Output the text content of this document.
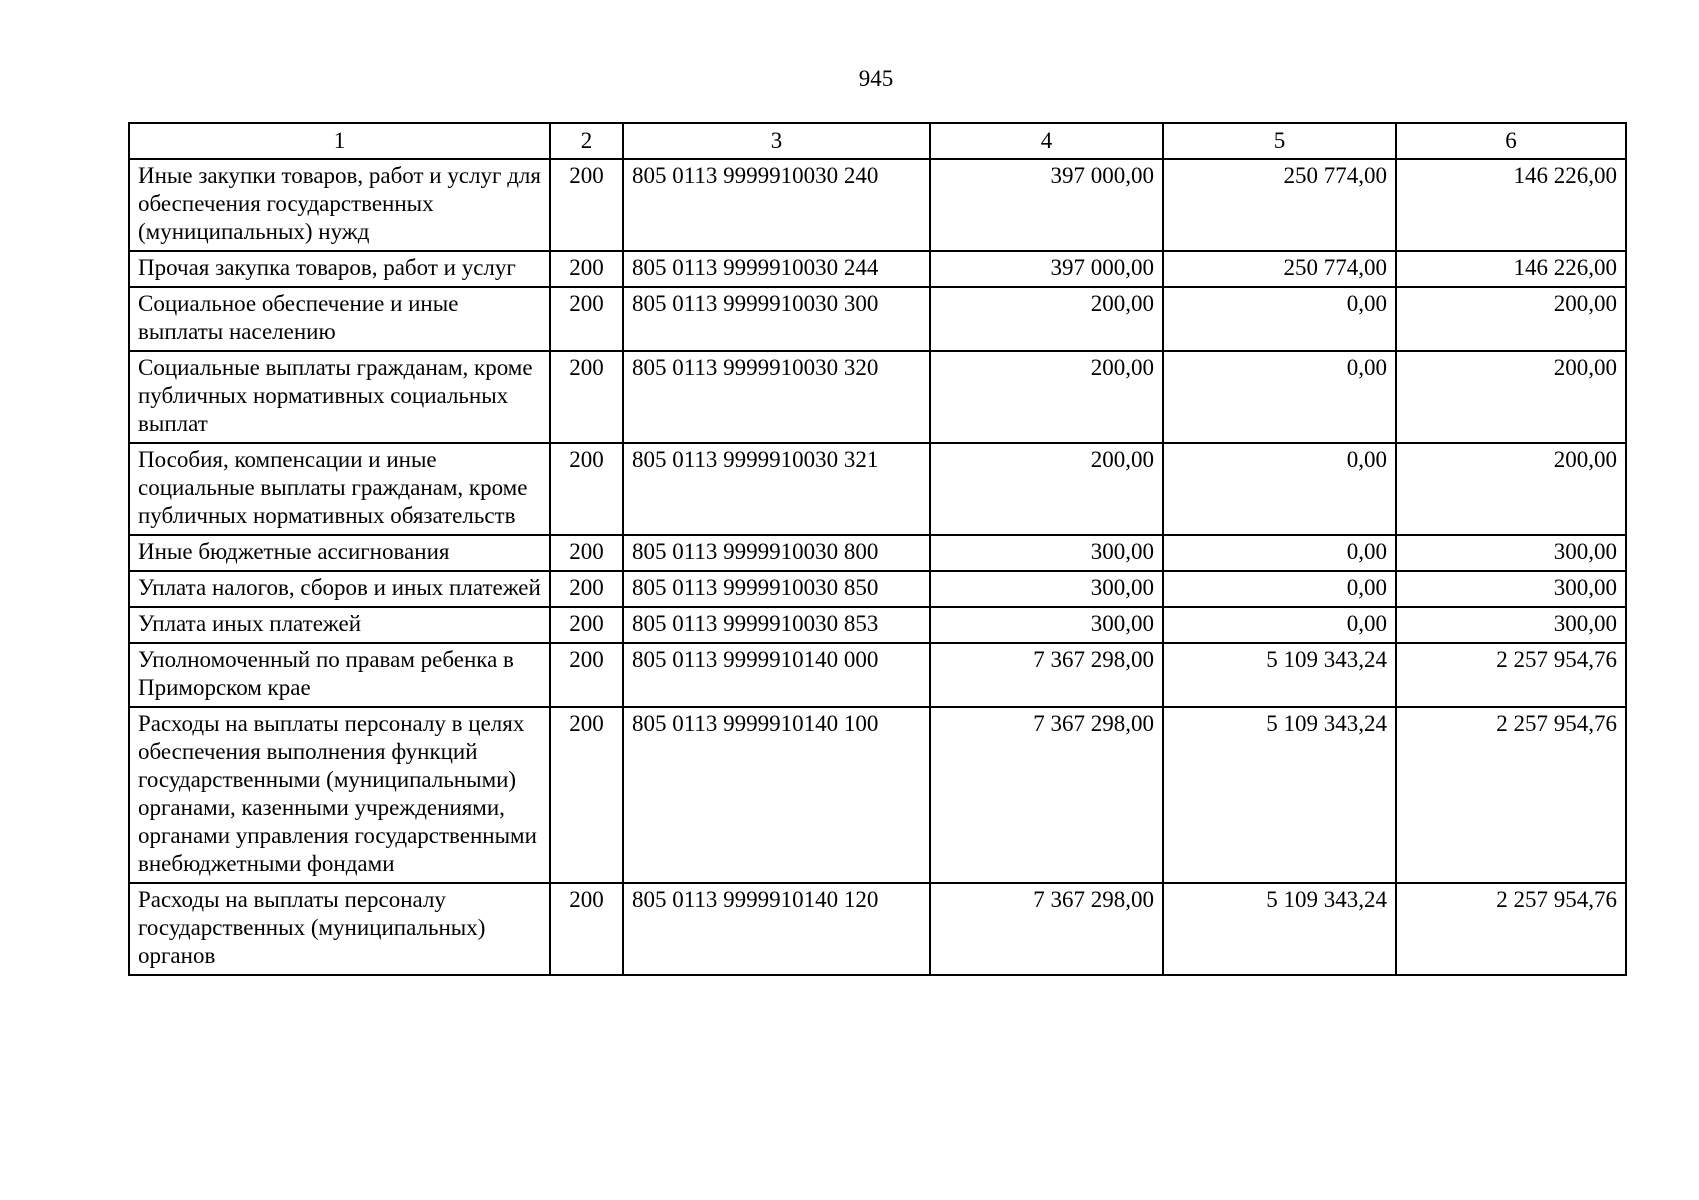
945
1	2	3	4	5	6
Иные закупки товаров, работ и услуг для обеспечения государственных (муниципальных) нужд	200	805 0113 9999910030 240	397 000,00	250 774,00	146 226,00
Прочая закупка товаров, работ и услуг	200	805 0113 9999910030 244	397 000,00	250 774,00	146 226,00
Социальное обеспечение и иные выплаты населению	200	805 0113 9999910030 300	200,00	0,00	200,00
Социальные выплаты гражданам, кроме публичных нормативных социальных выплат	200	805 0113 9999910030 320	200,00	0,00	200,00
Пособия, компенсации и иные социальные выплаты гражданам, кроме публичных нормативных обязательств	200	805 0113 9999910030 321	200,00	0,00	200,00
Иные бюджетные ассигнования	200	805 0113 9999910030 800	300,00	0,00	300,00
Уплата налогов, сборов и иных платежей	200	805 0113 9999910030 850	300,00	0,00	300,00
Уплата иных платежей	200	805 0113 9999910030 853	300,00	0,00	300,00
Уполномоченный по правам ребенка в Приморском крае	200	805 0113 9999910140 000	7 367 298,00	5 109 343,24	2 257 954,76
Расходы на выплаты персоналу в целях обеспечения выполнения функций государственными (муниципальными) органами, казенными учреждениями, органами управления государственными внебюджетными фондами	200	805 0113 9999910140 100	7 367 298,00	5 109 343,24	2 257 954,76
Расходы на выплаты персоналу государственных (муниципальных) органов	200	805 0113 9999910140 120	7 367 298,00	5 109 343,24	2 257 954,76
